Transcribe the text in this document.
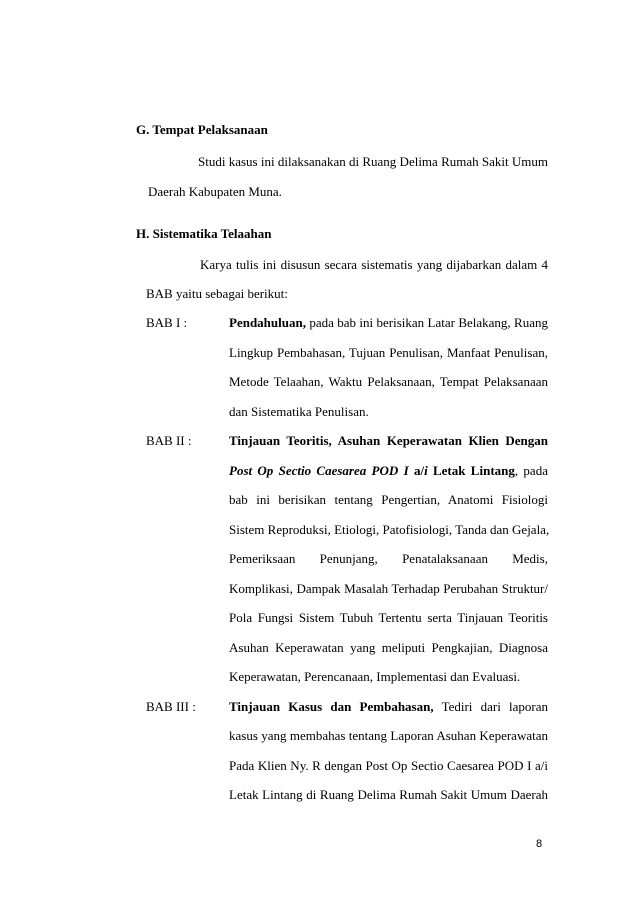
G. Tempat Pelaksanaan
Studi kasus ini dilaksanakan di Ruang Delima Rumah Sakit Umum
Daerah Kabupaten Muna.
H. Sistematika Telaahan
Karya tulis ini disusun secara sistematis yang dijabarkan dalam 4
BAB yaitu sebagai berikut:
BAB I :	Pendahuluan, pada bab ini berisikan Latar Belakang, Ruang
Lingkup Pembahasan, Tujuan Penulisan, Manfaat Penulisan,
Metode Telaahan, Waktu Pelaksanaan, Tempat Pelaksanaan
dan Sistematika Penulisan.
BAB II :	Tinjauan Teoritis, Asuhan Keperawatan Klien Dengan
Post Op Sectio Caesarea POD I a/i Letak Lintang, pada
bab ini berisikan tentang Pengertian, Anatomi Fisiologi
Sistem Reproduksi, Etiologi, Patofisiologi, Tanda dan Gejala,
Pemeriksaan Penunjang, Penatalaksanaan Medis,
Komplikasi, Dampak Masalah Terhadap Perubahan Struktur/
Pola Fungsi Sistem Tubuh Tertentu serta Tinjauan Teoritis
Asuhan Keperawatan yang meliputi Pengkajian, Diagnosa
Keperawatan, Perencanaan, Implementasi dan Evaluasi.
BAB III :	Tinjauan Kasus dan Pembahasan, Tediri dari laporan
kasus yang membahas tentang Laporan Asuhan Keperawatan
Pada Klien Ny. R dengan Post Op Sectio Caesarea POD I a/i
Letak Lintang di Ruang Delima Rumah Sakit Umum Daerah
8
